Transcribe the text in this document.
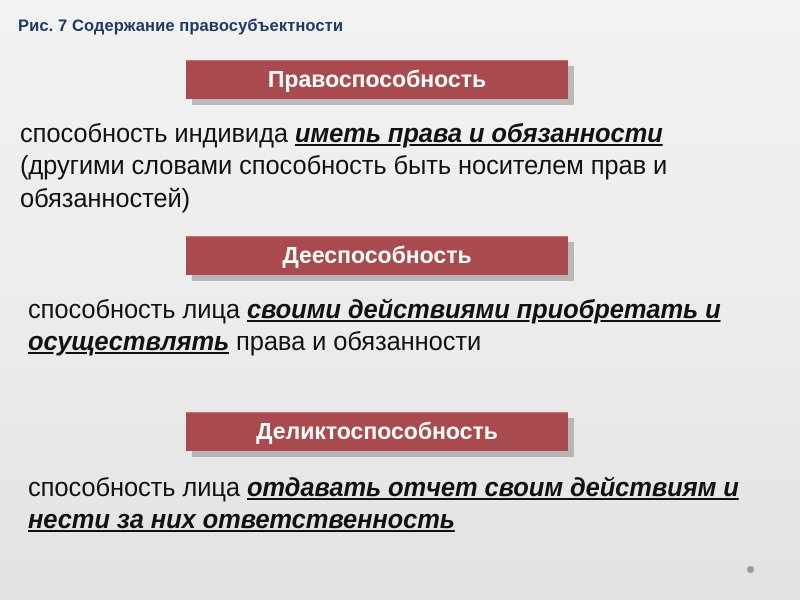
Рис. 7 Содержание правосубъектности
Правоспособность
способность индивида иметь права и обязанности (другими словами способность быть носителем прав и обязанностей)
Дееспособность
способность лица своими действиями приобретать и осуществлять права и обязанности
Деликтоспособность
способность лица отдавать отчет своим действиям и нести за них ответственность
